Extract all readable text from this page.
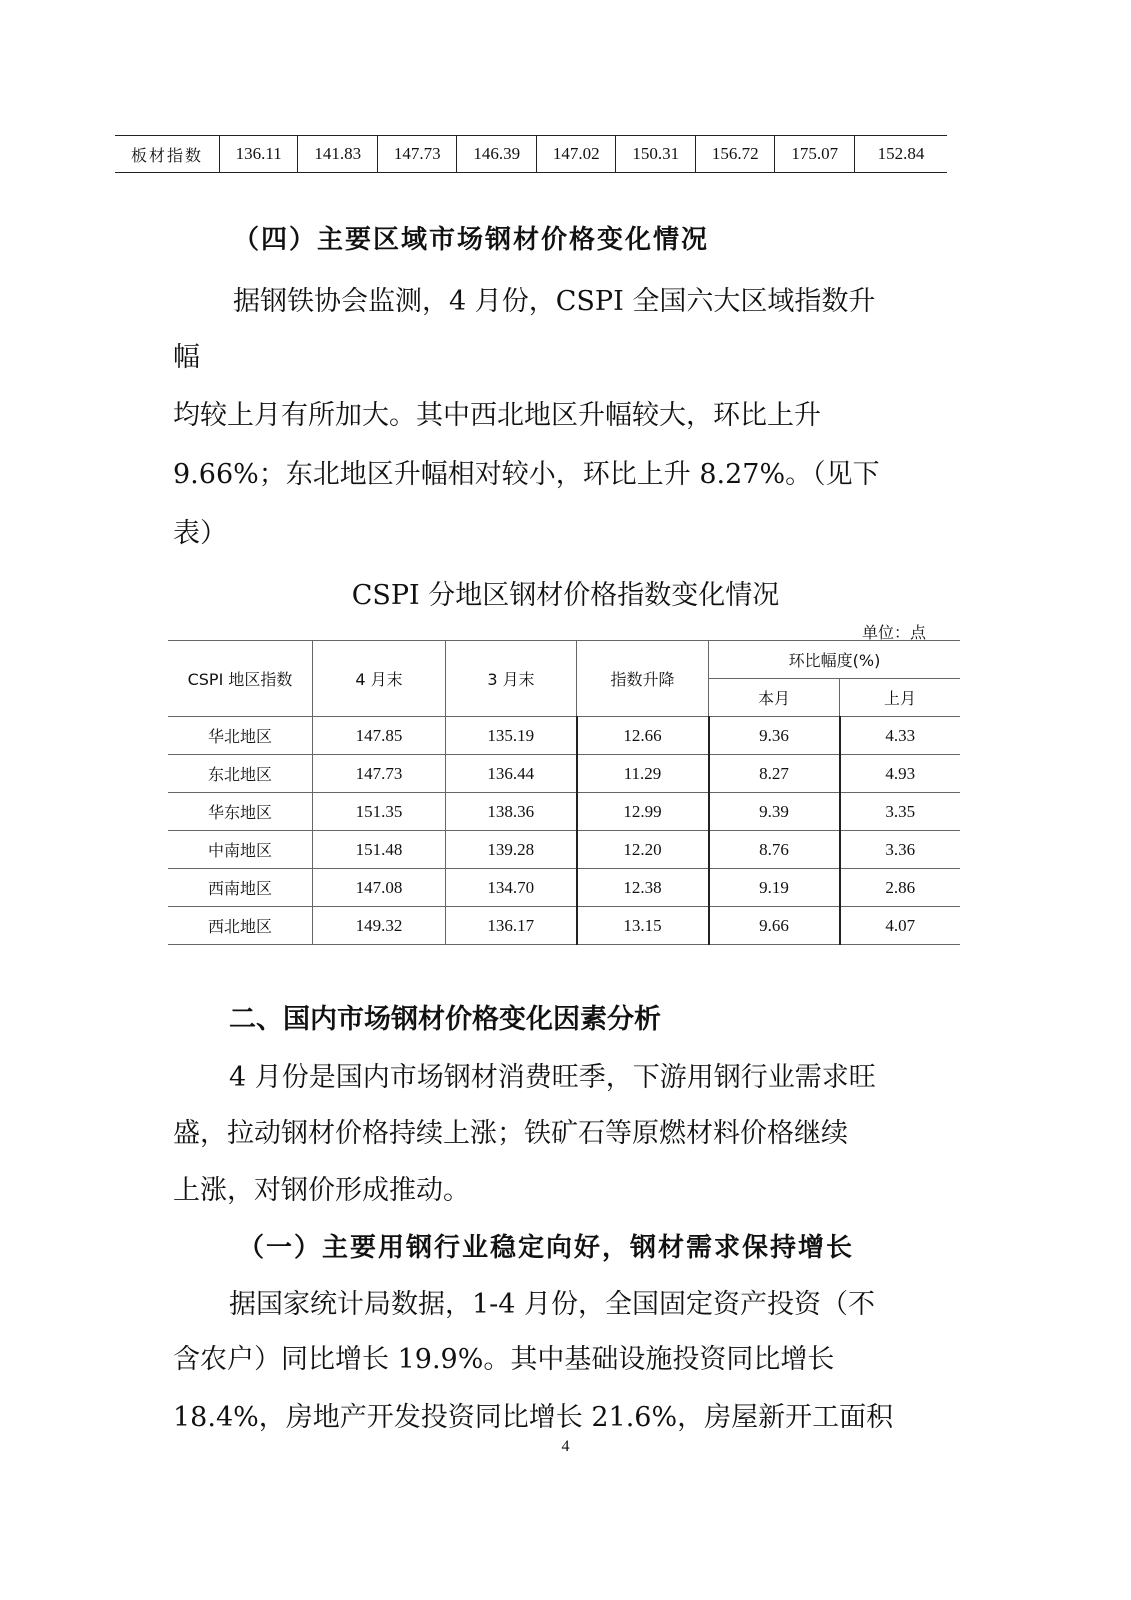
板材指数	136.11	141.83	147.73	146.39	147.02	150.31	156.72	175.07	152.84
（四）主要区域市场钢材价格变化情况
据钢铁协会监测，4 月份，CSPI 全国六大区域指数升
幅
均较上月有所加大。其中西北地区升幅较大，环比上升
9.66%；东北地区升幅相对较小，环比上升 8.27%。（见下
表）
CSPI 分地区钢材价格指数变化情况
单位：点
CSPI 地区指数	4 月末	3 月末	指数升降	环比幅度(%)	
				本月	上月
华北地区	147.85	135.19	12.66	9.36	4.33
东北地区	147.73	136.44	11.29	8.27	4.93
华东地区	151.35	138.36	12.99	9.39	3.35
中南地区	151.48	139.28	12.20	8.76	3.36
西南地区	147.08	134.70	12.38	9.19	2.86
西北地区	149.32	136.17	13.15	9.66	4.07
二、国内市场钢材价格变化因素分析
4 月份是国内市场钢材消费旺季，下游用钢行业需求旺
盛，拉动钢材价格持续上涨；铁矿石等原燃材料价格继续
上涨，对钢价形成推动。
（一）主要用钢行业稳定向好，钢材需求保持增长
据国家统计局数据，1-4 月份，全国固定资产投资（不
含农户）同比增长 19.9%。其中基础设施投资同比增长
18.4%，房地产开发投资同比增长 21.6%，房屋新开工面积
4
